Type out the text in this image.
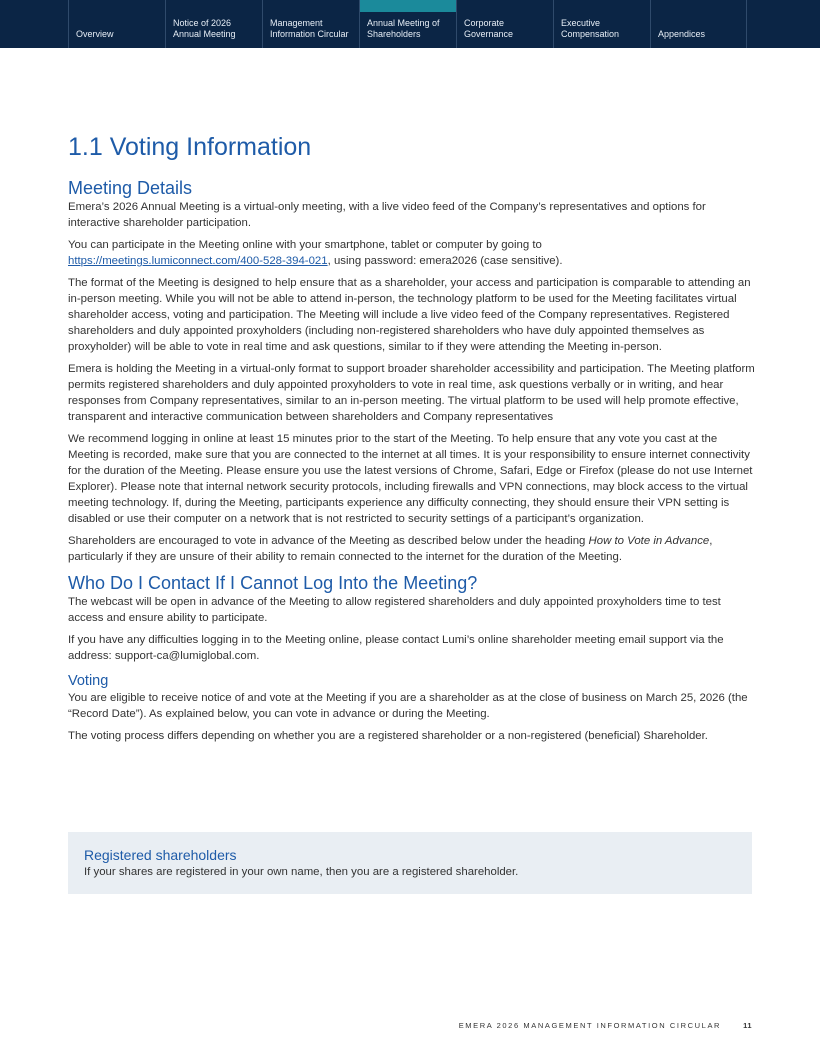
Overview
Notice of 2026
Annual Meeting
Management
Information Circular
Annual Meeting of
Shareholders
Corporate
Governance
Executive
Compensation	Appendices
1.1 Voting Information
Meeting Details

Emera’s 2026 Annual Meeting is a virtual-only meeting, with a live video feed of the Company’s representatives and options for interactive shareholder participation.

You can participate in the Meeting online with your smartphone, tablet or computer by going to
https://meetings.lumiconnect.com/400-528-394-021, using password: emera2026 (case sensitive).

The format of the Meeting is designed to help ensure that as a shareholder, your access and participation is comparable to attending an in-person meeting. While you will not be able to attend in-person, the technology platform to be used for the Meeting facilitates virtual shareholder access, voting and participation. The Meeting will include a live video feed of the Company representatives. Registered shareholders and duly appointed proxyholders (including non-registered shareholders who have duly appointed themselves as proxyholder) will be able to vote in real time and ask questions, similar to if they were attending the Meeting in-person.

Emera is holding the Meeting in a virtual-only format to support broader shareholder accessibility and participation. The Meeting platform permits registered shareholders and duly appointed proxyholders to vote in real time, ask questions verbally or in writing, and hear responses from Company representatives, similar to an in-person meeting. The virtual platform to be used will help promote effective, transparent and interactive communication between shareholders and Company representatives

We recommend logging in online at least 15 minutes prior to the start of the Meeting. To help ensure that any vote you cast at the Meeting is recorded, make sure that you are connected to the internet at all times. It is your responsibility to ensure internet connectivity for the duration of the Meeting. Please ensure you use the latest versions of Chrome, Safari, Edge or Firefox (please do not use Internet Explorer). Please note that internal network security protocols, including firewalls and VPN connections, may block access to the virtual meeting technology. If, during the Meeting, participants experience any difficulty connecting, they should ensure their VPN setting is disabled or use their computer on a network that is not restricted to security settings of a participant’s organization.

Shareholders are encouraged to vote in advance of the Meeting as described below under the heading How to Vote in Advance, particularly if they are unsure of their ability to remain connected to the internet for the duration of the Meeting.

Who Do I Contact If I Cannot Log Into the Meeting?

The webcast will be open in advance of the Meeting to allow registered shareholders and duly appointed proxyholders time to test access and ensure ability to participate.

If you have any difficulties logging in to the Meeting online, please contact Lumi’s online shareholder meeting email support via the address: support-ca@lumiglobal.com.

Voting

You are eligible to receive notice of and vote at the Meeting if you are a shareholder as at the close of business on March 25, 2026 (the “Record Date”). As explained below, you can vote in advance or during the Meeting.

The voting process differs depending on whether you are a registered shareholder or a non-registered (beneficial) Shareholder.

Registered shareholders
If your shares are registered in your own name, then you are a registered shareholder.
EMERA 2026 MANAGEMENT INFORMATION CIRCULAR	11
